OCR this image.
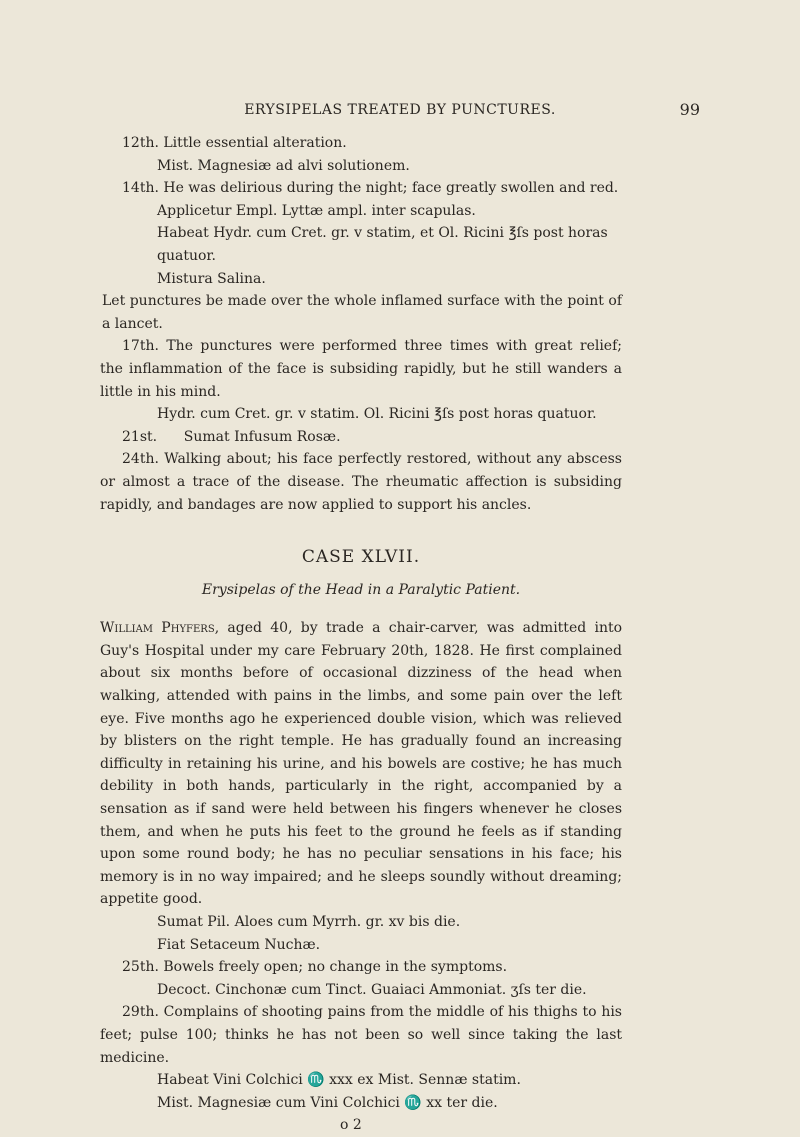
ERYSIPELAS TREATED BY PUNCTURES.	99

12th. Little essential alteration.

Mist. Magnesiæ ad alvi solutionem.

14th. He was delirious during the night; face greatly swollen and red.

Applicetur Empl. Lyttæ ampl. inter scapulas.

Habeat Hydr. cum Cret. gr. v statim, et Ol. Ricini ℥ſs post horas quatuor.

Mistura Salina.

Let punctures be made over the whole inflamed surface with the point of a lancet.

17th. The punctures were performed three times with great relief; the inflammation of the face is subsiding rapidly, but he still wanders a little in his mind.

Hydr. cum Cret. gr. v statim. Ol. Ricini ℥ſs post horas quatuor.

21st.      Sumat Infusum Rosæ.

24th. Walking about; his face perfectly restored, without any abscess or almost a trace of the disease. The rheumatic affection is subsiding rapidly, and bandages are now applied to support his ancles.

CASE XLVII.

Erysipelas of the Head in a Paralytic Patient.

William Phyfers, aged 40, by trade a chair-carver, was admitted into Guy's Hospital under my care February 20th, 1828. He first complained about six months before of occasional dizziness of the head when walking, attended with pains in the limbs, and some pain over the left eye. Five months ago he experienced double vision, which was relieved by blisters on the right temple. He has gradually found an increasing difficulty in retaining his urine, and his bowels are costive; he has much debility in both hands, particularly in the right, accompanied by a sensation as if sand were held between his fingers whenever he closes them, and when he puts his feet to the ground he feels as if standing upon some round body; he has no peculiar sensations in his face; his memory is in no way impaired; and he sleeps soundly without dreaming; appetite good.

Sumat Pil. Aloes cum Myrrh. gr. xv bis die.

Fiat Setaceum Nuchæ.

25th. Bowels freely open; no change in the symptoms.

Decoct. Cinchonæ cum Tinct. Guaiaci Ammoniat. ʒſs ter die.

29th. Complains of shooting pains from the middle of his thighs to his feet; pulse 100; thinks he has not been so well since taking the last medicine.

Habeat Vini Colchici ♏ xxx ex Mist. Sennæ statim.

Mist. Magnesiæ cum Vini Colchici ♏ xx ter die.

o 2
